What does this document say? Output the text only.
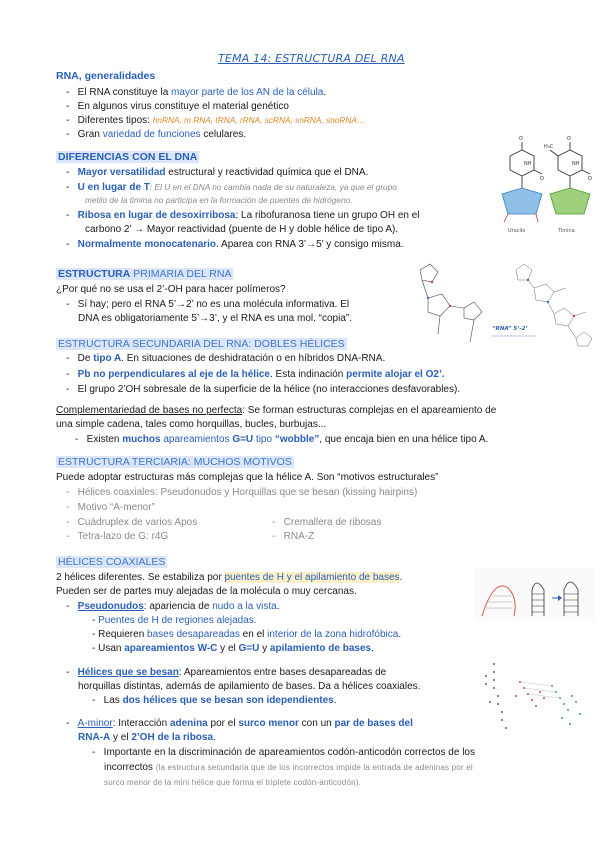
TEMA 14: ESTRUCTURA DEL RNA
RNA, generalidades
-   El RNA constituye la mayor parte de los AN de la célula.
-   En algunos virus constituye el material genético
-   Diferentes tipos: hnRNA, m RNA, tRNA, rRNA, scRNA, snRNA, snoRNA…
-   Gran variedad de funciones celulares.
DIFERENCIAS CON EL DNA
-   Mayor versatilidad estructural y reactividad química que el DNA.
-   U en lugar de T: El U en el DNA no cambia nada de su naturaleza, ya que el grupo
metilo de la timina no participa en la formación de puentes de hidrógeno.
-   Ribosa en lugar de desoxirribosa: La ribofuranosa tiene un grupo OH en el
carbono 2’ → Mayor reactividad (puente de H y doble hélice de tipo A).
-   Normalmente monocatenario. Aparea con RNA 3’→5’ y consigo misma.
O
NH
O
O
NH
O
H₃C
Uracilo	Timina
ESTRUCTURA PRIMARIA DEL RNA
¿Por qué no se usa el 2’-OH para hacer polímeros?
-   Sí hay; pero el RNA 5’→2’ no es una molécula informativa. El
DNA es obligatoriamente 5’→3’, y el RNA es una mol. “copia”.
“RNA” 5’-2’
ESTRUCTURA SECUNDARIA DEL RNA: DOBLES HÉLICES
-   De tipo A. En situaciones de deshidratación o en híbridos DNA-RNA.
-   Pb no perpendiculares al eje de la hélice. Esta indinación permite alojar el O2’.
-   El grupo 2’OH sobresale de la superficie de la hélice (no interacciones desfavorables).
Complementariedad de bases no perfecta: Se forman estructuras complejas en el apareamiento de
una simple cadena, tales como horquillas, bucles, burbujas...
-   Existen muchos apareamientos G=U tipo “wobble”, que encaja bien en una hélice tipo A.
ESTRUCTURA TERCIARIA: MUCHOS MOTIVOS
Puede adoptar estructuras más complejas que la hélice A. Son “motivos estructurales”
-   Hélices coaxiales: Pseudonudos y Horquillas que se besan (kissing hairpins)
-   Motivo “A-menor”
-   Cuádruplex de varios Apos	-   Cremallera de ribosas
-   Tetra-lazo de G: r4G	-   RNA-Z
HÉLICES COAXIALES
2 hélices diferentes. Se estabiliza por puentes de H y el apilamiento de bases.
Pueden ser de partes muy alejadas de la molécula o muy cercanas.
-   Pseudonudos: apariencia de nudo a la vista.
- Puentes de H de regiones alejadas.
- Requieren bases desapareadas en el interior de la zona hidrofóbica.
- Usan apareamientos W-C y el G=U y apilamiento de bases.
-   Hélices que se besan: Apareamientos entre bases desapareadas de
horquillas distintas, además de apilamiento de bases. Da a hélices coaxiales.
-   Las dos hélices que se besan son idependientes.
-   A-minor: Interacción adenina por el surco menor con un par de bases del
RNA-A y el 2’OH de la ribosa.
-   Importante en la discriminación de apareamientos codón-anticodón correctos de los
incorrectos (la estructura secundaria que de los incorrectos impide la entrada de adeninas por el
surco menor de la mini hélice que forma el triplete codón-anticodón).
